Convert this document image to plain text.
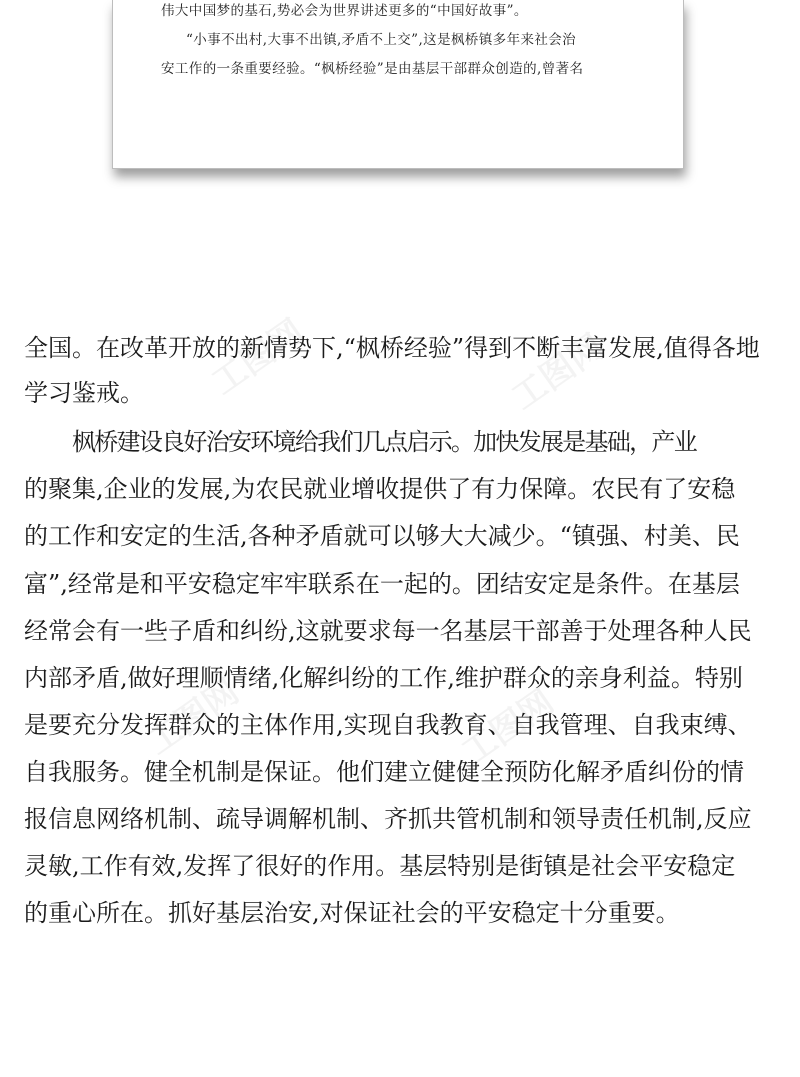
伟大中国梦的基石,势必会为世界讲述更多的“中国好故事”。
“小事不出村,大事不出镇,矛盾不上交”,这是枫桥镇多年来社会治
安工作的一条重要经验。“枫桥经验”是由基层干部群众创造的,曾著名
全国。在改革开放的新情势下,“枫桥经验”得到不断丰富发展,值得各地
学习鉴戒。
枫桥建设良好治安环境给我们几点启示。加快发展是基础，产业
的聚集,企业的发展,为农民就业增收提供了有力保障。农民有了安稳
的工作和安定的生活,各种矛盾就可以够大大减少。“镇强、村美、民
富”,经常是和平安稳定牢牢联系在一起的。团结安定是条件。在基层
经常会有一些子盾和纠纷,这就要求每一名基层干部善于处理各种人民
内部矛盾,做好理顺情绪,化解纠纷的工作,维护群众的亲身利益。特别
是要充分发挥群众的主体作用,实现自我教育、自我管理、自我束缚、
自我服务。健全机制是保证。他们建立健健全预防化解矛盾纠份的情
报信息网络机制、疏导调解机制、齐抓共管机制和领导责任机制,反应
灵敏,工作有效,发挥了很好的作用。基层特别是街镇是社会平安稳定
的重心所在。抓好基层治安,对保证社会的平安稳定十分重要。
